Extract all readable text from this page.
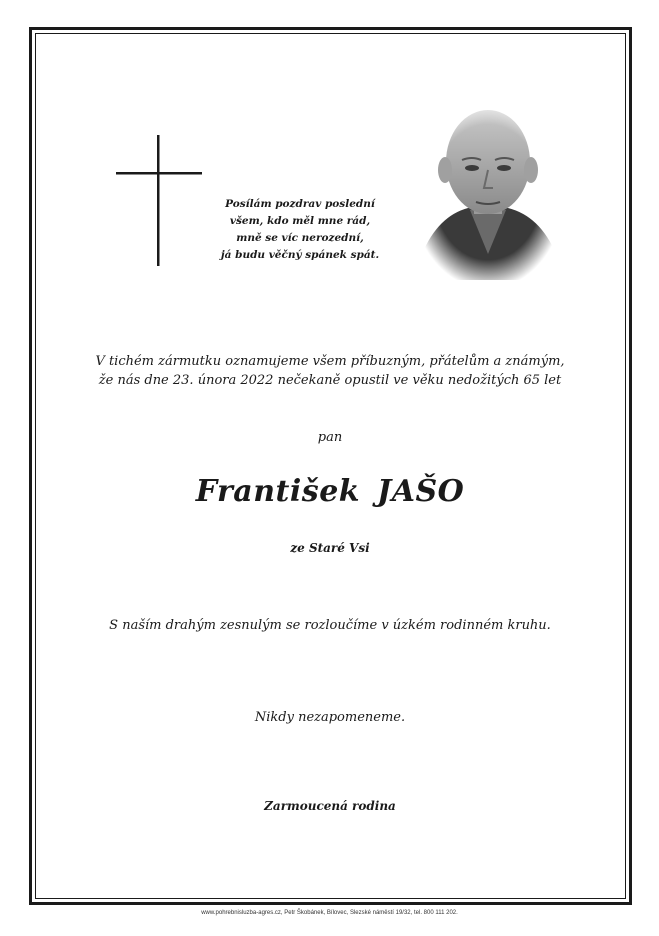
Posílám pozdrav poslední
všem, kdo měl mne rád,
mně se víc nerozední,
já budu věčný spánek spát.
V tichém zármutku oznamujeme všem příbuzným, přátelům a známým,
že nás dne 23. února 2022 nečekaně opustil ve věku nedožitých 65 let
pan
František JAŠO
ze Staré Vsi
S naším drahým zesnulým se rozloučíme v úzkém rodinném kruhu.
Nikdy nezapomeneme.
Zarmoucená rodina
www.pohrebnisluzba-agres.cz, Petr Škobánek, Bílovec, Slezské náměstí 19/32, tel. 800 111 202.
